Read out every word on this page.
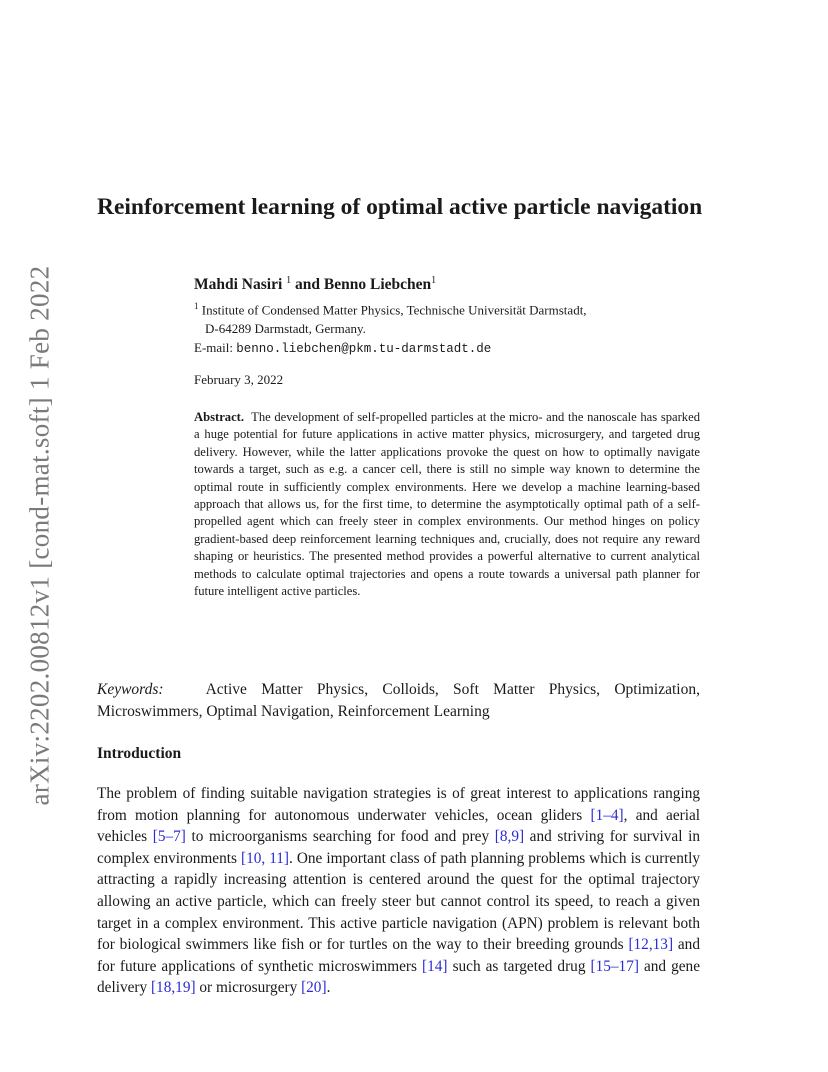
arXiv:2202.00812v1 [cond-mat.soft] 1 Feb 2022
Reinforcement learning of optimal active particle navigation

Mahdi Nasiri $^1$ and Benno Liebchen$^1$

$^1$ Institute of Condensed Matter Physics, Technische Universität Darmstadt,
D-64289 Darmstadt, Germany.
E-mail: benno.liebchen@pkm.tu-darmstadt.de
February 3, 2022

Abstract. The development of self-propelled particles at the micro- and the nanoscale has sparked a huge potential for future applications in active matter physics, microsurgery, and targeted drug delivery. However, while the latter applications provoke the quest on how to optimally navigate towards a target, such as e.g. a cancer cell, there is still no simple way known to determine the optimal route in sufficiently complex environments. Here we develop a machine learning-based approach that allows us, for the first time, to determine the asymptotically optimal path of a self-propelled agent which can freely steer in complex environments. Our method hinges on policy gradient-based deep reinforcement learning techniques and, crucially, does not require any reward shaping or heuristics. The presented method provides a powerful alternative to current analytical methods to calculate optimal trajectories and opens a route towards a universal path planner for future intelligent active particles.

Keywords:	Active Matter Physics, Colloids, Soft Matter Physics, Optimization, Microswimmers, Optimal Navigation, Reinforcement Learning

Introduction

The problem of finding suitable navigation strategies is of great interest to applications ranging from motion planning for autonomous underwater vehicles, ocean gliders [1–4], and aerial vehicles [5–7] to microorganisms searching for food and prey [8,9] and striving for survival in complex environments [10, 11]. One important class of path planning problems which is currently attracting a rapidly increasing attention is centered around the quest for the optimal trajectory allowing an active particle, which can freely steer but cannot control its speed, to reach a given target in a complex environment. This active particle navigation (APN) problem is relevant both for biological swimmers like fish or for turtles on the way to their breeding grounds [12,13] and for future applications of synthetic microswimmers [14] such as targeted drug [15–17] and gene delivery [18,19] or microsurgery [20].
